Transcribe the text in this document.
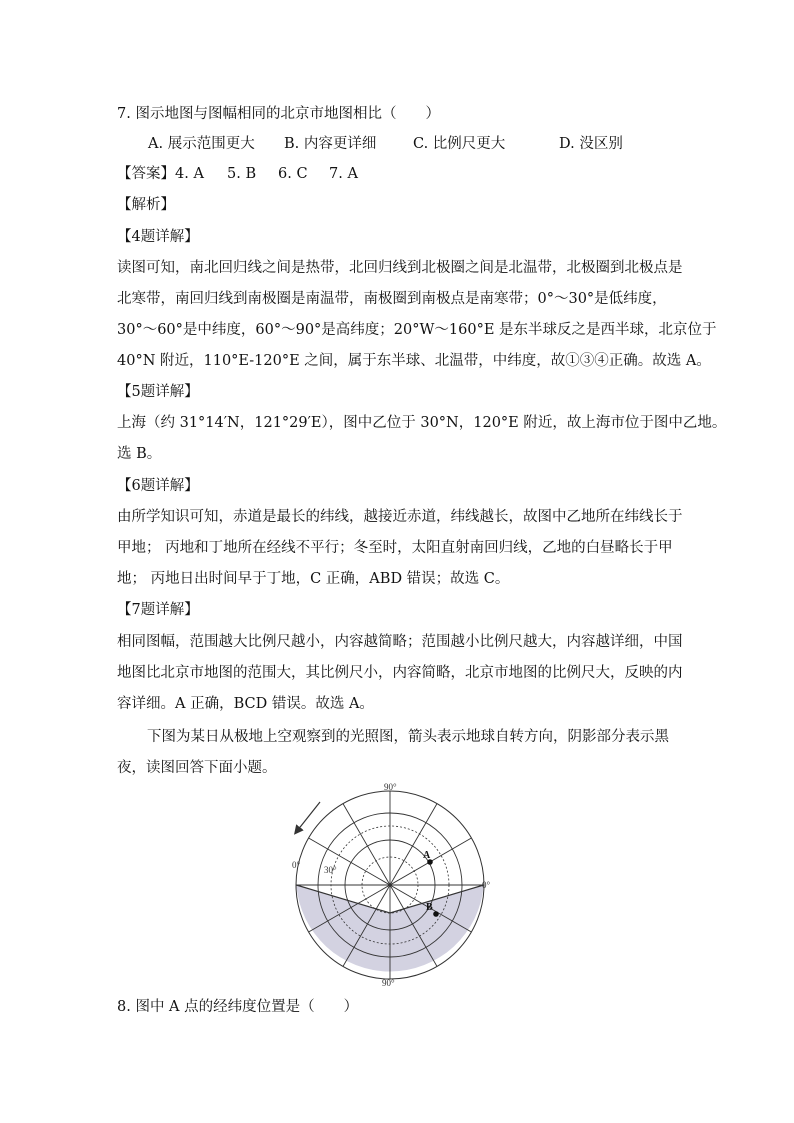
7. 图示地图与图幅相同的北京市地图相比（　　）
A. 展示范围更大 B. 内容更详细	C. 比例尺更大	D. 没区别
【答案】4. A 5. B 6. C 7. A
【解析】
【4题详解】
读图可知，南北回归线之间是热带，北回归线到北极圈之间是北温带，北极圈到北极点是
北寒带，南回归线到南极圈是南温带，南极圈到南极点是南寒带；0°～30°是低纬度，
30°～60°是中纬度，60°～90°是高纬度；20°W～160°E 是东半球反之是西半球，北京位于
40°N 附近，110°E-120°E 之间，属于东半球、北温带，中纬度，故①③④正确。故选 A。
【5题详解】
上海（约 31°14′N，121°29′E），图中乙位于 30°N，120°E 附近，故上海市位于图中乙地。
选 B。
【6题详解】
由所学知识可知，赤道是最长的纬线，越接近赤道，纬线越长，故图中乙地所在纬线长于
甲地； 丙地和丁地所在经线不平行；冬至时，太阳直射南回归线，乙地的白昼略长于甲
地； 丙地日出时间早于丁地，C 正确，ABD 错误；故选 C。
【7题详解】
相同图幅，范围越大比例尺越小，内容越简略；范围越小比例尺越大，内容越详细，中国
地图比北京市地图的范围大，其比例尺小，内容简略，北京市地图的比例尺大，反映的内
容详细。A 正确，BCD 错误。故选 A。
下图为某日从极地上空观察到的光照图，箭头表示地球自转方向，阴影部分表示黑
夜，读图回答下面小题。
90°
90°
0°
0°
30°
A
B
8. 图中 A 点的经纬度位置是（　　）
